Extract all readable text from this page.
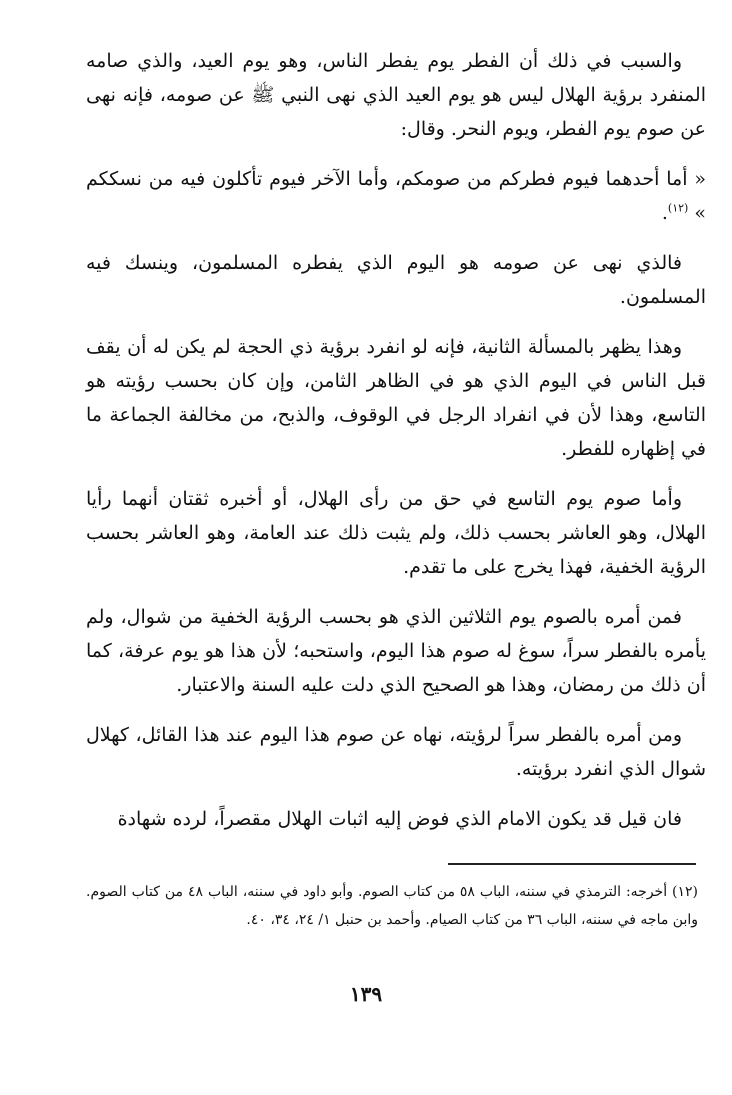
والسبب في ذلك أن الفطر يوم يفطر الناس، وهو يوم العيد، والذي صامه المنفرد برؤية الهلال ليس هو يوم العيد الذي نهى النبي ﷺ عن صومه، فإنه نهى عن صوم يوم الفطر، ويوم النحر. وقال:

« أما أحدهما فيوم فطركم من صومكم، وأما الآخر فيوم تأكلون فيه من نسككم » $^{(١٢)}$.

فالذي نهى عن صومه هو اليوم الذي يفطره المسلمون، وينسك فيه المسلمون.

وهذا يظهر بالمسألة الثانية، فإنه لو انفرد برؤية ذي الحجة لم يكن له أن يقف قبل الناس في اليوم الذي هو في الظاهر الثامن، وإن كان بحسب رؤيته هو التاسع، وهذا لأن في انفراد الرجل في الوقوف، والذبح، من مخالفة الجماعة ما في إظهاره للفطر.

وأما صوم يوم التاسع في حق من رأى الهلال، أو أخبره ثقتان أنهما رأيا الهلال، وهو العاشر بحسب ذلك، ولم يثبت ذلك عند العامة، وهو العاشر بحسب الرؤية الخفية، فهذا يخرج على ما تقدم.

فمن أمره بالصوم يوم الثلاثين الذي هو بحسب الرؤية الخفية من شوال، ولم يأمره بالفطر سراً، سوغ له صوم هذا اليوم، واستحبه؛ لأن هذا هو يوم عرفة، كما أن ذلك من رمضان، وهذا هو الصحيح الذي دلت عليه السنة والاعتبار.

ومن أمره بالفطر سراً لرؤيته، نهاه عن صوم هذا اليوم عند هذا القائل، كهلال شوال الذي انفرد برؤيته.

فان قيل قد يكون الامام الذي فوض إليه اثبات الهلال مقصراً، لرده شهادة

(١٢) أخرجه: الترمذي في سننه، الباب ٥٨ من كتاب الصوم. وأبو داود في سننه، الباب ٤٨ من كتاب الصوم. وابن ماجه في سننه، الباب ٣٦ من كتاب الصيام. وأحمد بن حنبل ١/ ٢٤، ٣٤، ٤٠.
١٣٩
